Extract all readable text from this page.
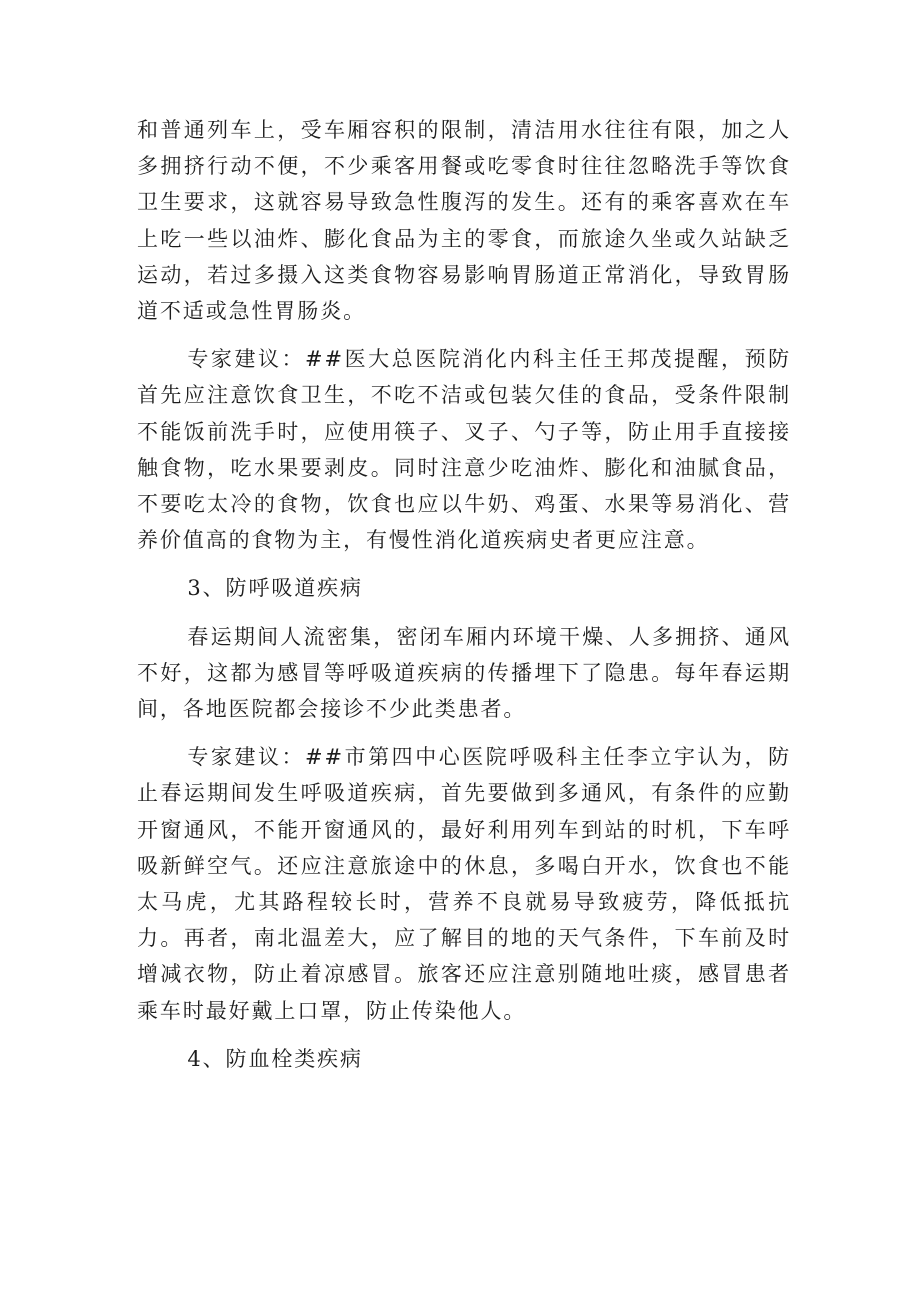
和普通列车上，受车厢容积的限制，清洁用水往往有限，加之人多拥挤行动不便，不少乘客用餐或吃零食时往往忽略洗手等饮食卫生要求，这就容易导致急性腹泻的发生。还有的乘客喜欢在车上吃一些以油炸、膨化食品为主的零食，而旅途久坐或久站缺乏运动，若过多摄入这类食物容易影响胃肠道正常消化，导致胃肠道不适或急性胃肠炎。

专家建议：##医大总医院消化内科主任王邦茂提醒，预防首先应注意饮食卫生，不吃不洁或包装欠佳的食品，受条件限制不能饭前洗手时，应使用筷子、叉子、勺子等，防止用手直接接触食物，吃水果要剥皮。同时注意少吃油炸、膨化和油腻食品，不要吃太冷的食物，饮食也应以牛奶、鸡蛋、水果等易消化、营养价值高的食物为主，有慢性消化道疾病史者更应注意。

3、防呼吸道疾病

春运期间人流密集，密闭车厢内环境干燥、人多拥挤、通风不好，这都为感冒等呼吸道疾病的传播埋下了隐患。每年春运期间，各地医院都会接诊不少此类患者。

专家建议：##市第四中心医院呼吸科主任李立宇认为，防止春运期间发生呼吸道疾病，首先要做到多通风，有条件的应勤开窗通风，不能开窗通风的，最好利用列车到站的时机，下车呼吸新鲜空气。还应注意旅途中的休息，多喝白开水，饮食也不能太马虎，尤其路程较长时，营养不良就易导致疲劳，降低抵抗力。再者，南北温差大，应了解目的地的天气条件，下车前及时增减衣物，防止着凉感冒。旅客还应注意别随地吐痰，感冒患者乘车时最好戴上口罩，防止传染他人。

4、防血栓类疾病
